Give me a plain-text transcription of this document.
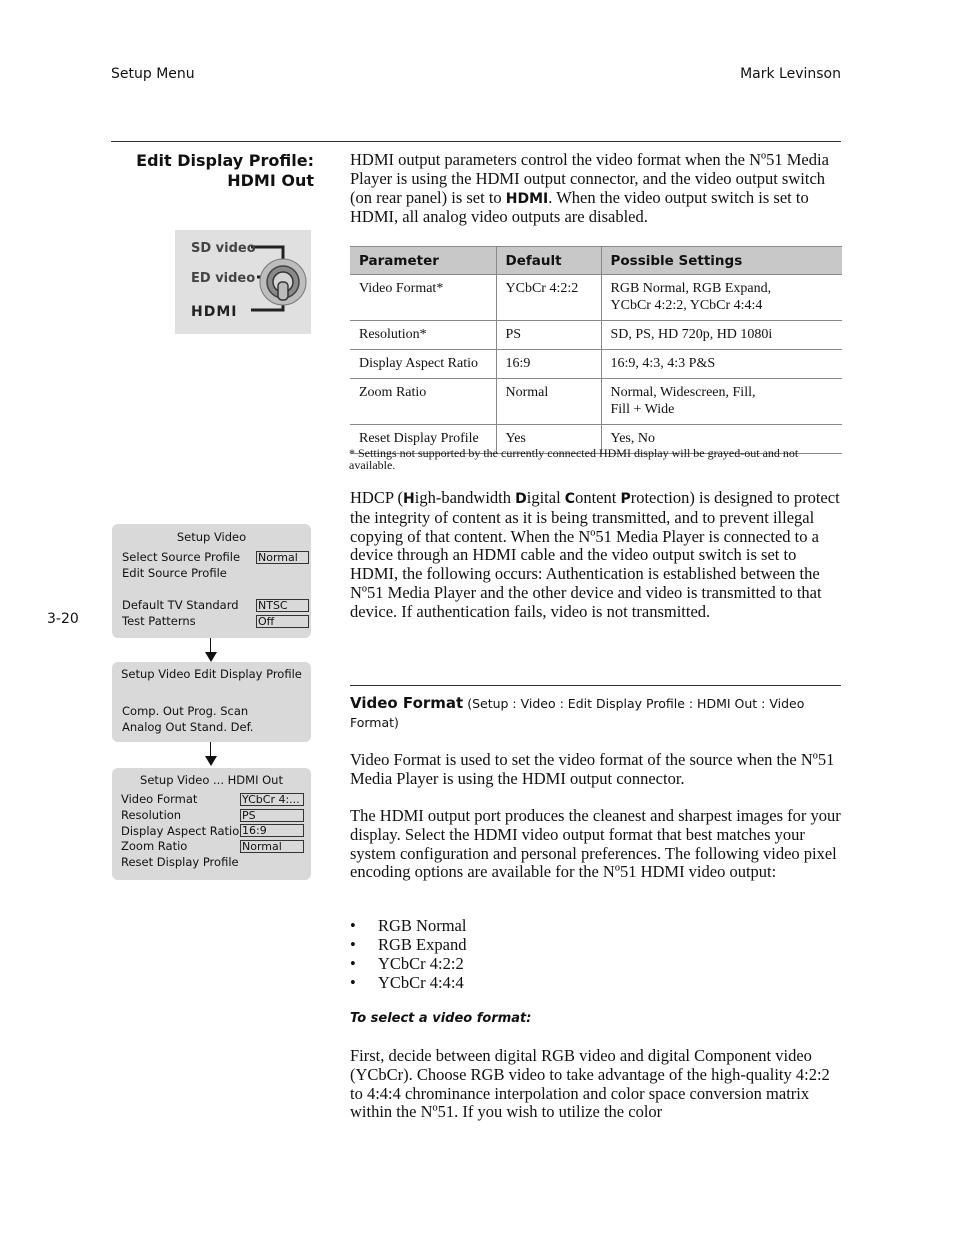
Setup Menu	Mark Levinson
Edit Display Profile:
HDMI Out
HDMI output parameters control the video format when the Nº51 Media Player is using the HDMI output connector, and the video output switch (on rear panel) is set to HDMI. When the video output switch is set to HDMI, all analog video outputs are disabled.
SD video
ED video
HDMI
Parameter	Default	Possible Settings
Video Format*	YCbCr 4:2:2	RGB Normal, RGB Expand,
YCbCr 4:2:2, YCbCr 4:4:4
Resolution*	PS	SD, PS, HD 720p, HD 1080i
Display Aspect Ratio	16:9	16:9, 4:3, 4:3 P&S
Zoom Ratio	Normal	Normal, Widescreen, Fill,
Fill + Wide
Reset Display Profile	Yes	Yes, No
* Settings not supported by the currently connected HDMI display will be grayed-out and not available.
HDCP (High-bandwidth Digital Content Protection) is designed to protect the integrity of content as it is being transmitted, and to prevent illegal copying of that content. When the Nº51 Media Player is connected to a device through an HDMI cable and the video output switch is set to HDMI, the following occurs: Authentication is established between the Nº51 Media Player and the other device and video is transmitted to that device. If authentication fails, video is not transmitted.
3-20
Setup Video
Select Source Profile Normal
Edit Source Profile
Default TV Standard NTSC
Test Patterns	Off
Setup Video Edit Display Profile
Comp. Out Prog. Scan
Analog Out Stand. Def.
Setup Video ... HDMI Out
Video Format	YCbCr 4:...
Resolution	PS
Display Aspect Ratio 16:9
Zoom Ratio	Normal
Reset Display Profile
Video Format (Setup : Video : Edit Display Profile : HDMI Out : Video Format)
Video Format is used to set the video format of the source when the Nº51 Media Player is using the HDMI output connector.
The HDMI output port produces the cleanest and sharpest images for your display. Select the HDMI video output format that best matches your system configuration and personal preferences. The following video pixel encoding options are available for the Nº51 HDMI video output:
• RGB Normal
• RGB Expand
• YCbCr 4:2:2
• YCbCr 4:4:4
To select a video format:
First, decide between digital RGB video and digital Component video (YCbCr). Choose RGB video to take advantage of the high-quality 4:2:2 to 4:4:4 chrominance interpolation and color space conversion matrix within the Nº51. If you wish to utilize the color
